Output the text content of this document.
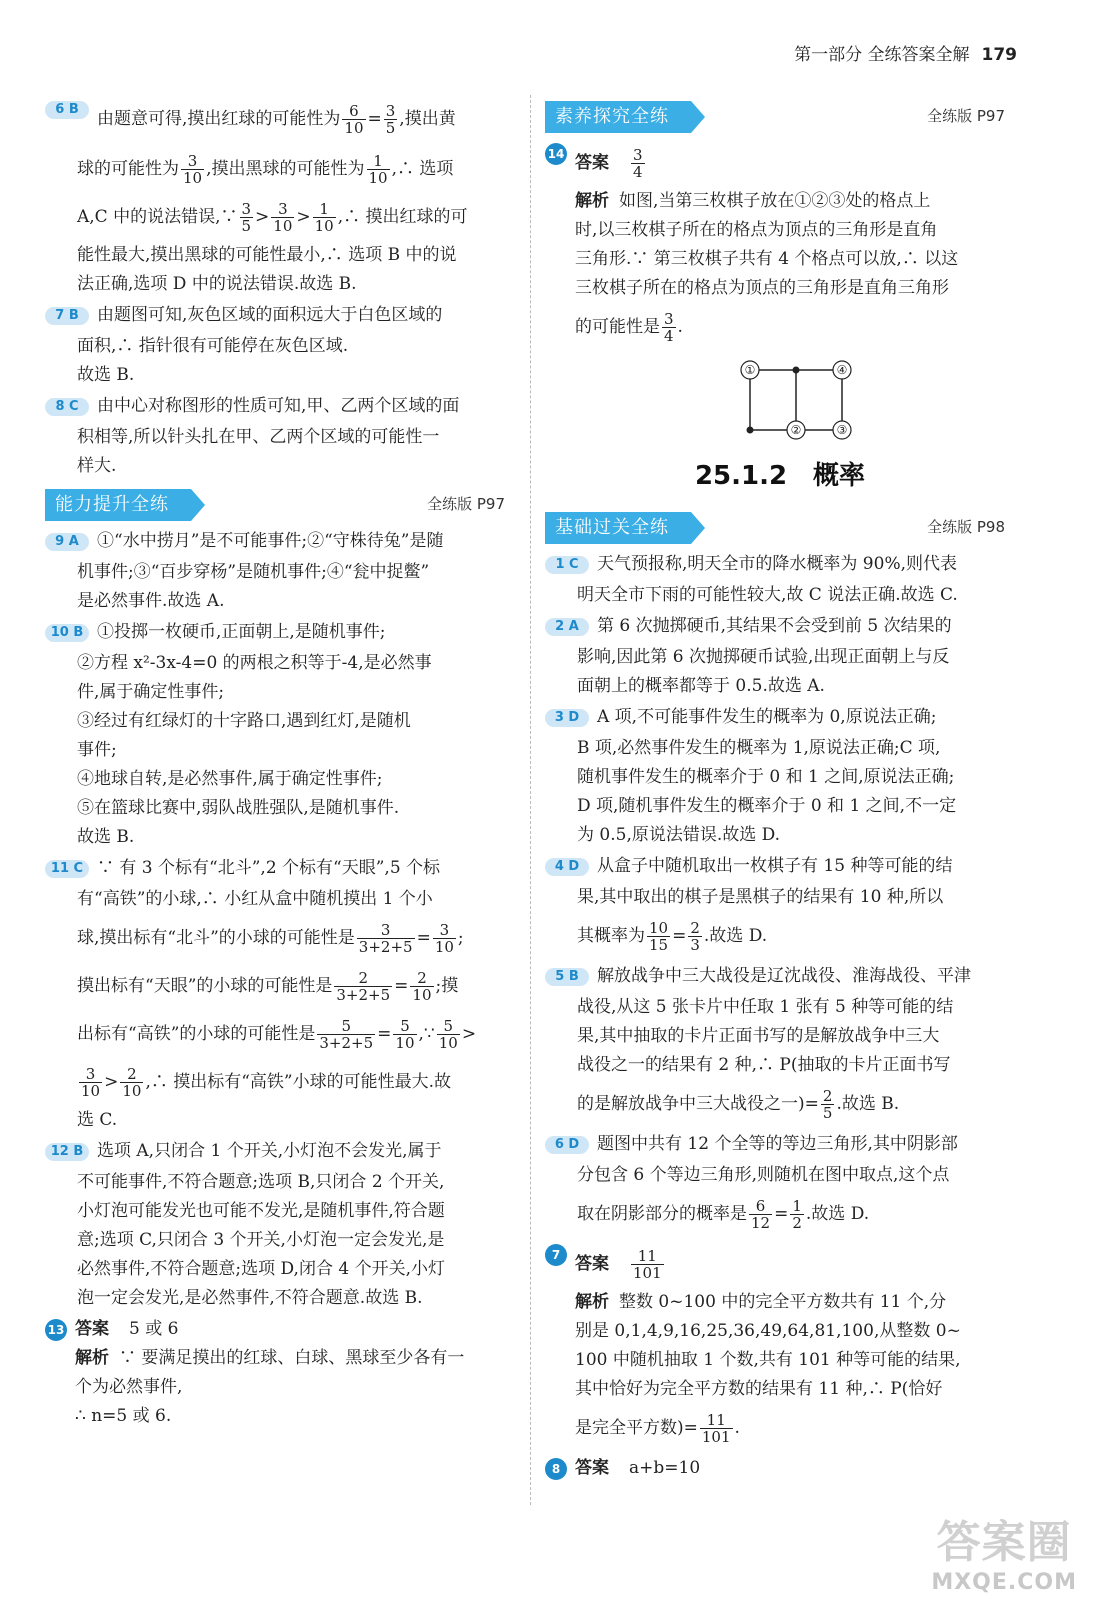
第一部分 全练答案全解 179
6 B	由题意可得,摸出红球的可能性为 $\frac{6}{10} = \frac{3}{5}$ ,摸出黄
球的可能性为 $\frac{3}{10}$ ,摸出黑球的可能性为 $\frac{1}{10}$ ,∴ 选项
A,C 中的说法错误,∵ $\frac{3}{5} > \frac{3}{10} > \frac{1}{10}$ ,∴ 摸出红球的可
能性最大,摸出黑球的可能性最小,∴ 选项 B 中的说
法正确,选项 D 中的说法错误.故选 B.
7 B	由题图可知,灰色区域的面积远大于白色区域的
面积,∴ 指针很有可能停在灰色区域.
故选 B.
8 C	由中心对称图形的性质可知,甲、乙两个区域的面
积相等,所以针头扎在甲、乙两个区域的可能性一
样大.
能力提升全练	全练版 P97
9 A	①“水中捞月”是不可能事件;②“守株待兔”是随
机事件;③“百步穿杨”是随机事件;④“瓮中捉鳖”
是必然事件.故选 A.
10 B ①投掷一枚硬币,正面朝上,是随机事件;
②方程 x²-3x-4=0 的两根之积等于-4,是必然事
件,属于确定性事件;
③经过有红绿灯的十字路口,遇到红灯,是随机
事件;
④地球自转,是必然事件,属于确定性事件;
⑤在篮球比赛中,弱队战胜强队,是随机事件.
故选 B.
11 C ∵ 有 3 个标有“北斗”,2 个标有“天眼”,5 个标
有“高铁”的小球,∴ 小红从盒中随机摸出 1 个小
球,摸出标有“北斗”的小球的可能性是 $\frac{3}{3+2+5} = \frac{3}{10}$ ;
摸出标有“天眼”的小球的可能性是 $\frac{2}{3+2+5} = \frac{2}{10}$ ;摸
出标有“高铁”的小球的可能性是 $\frac{5}{3+2+5} = \frac{5}{10}$ ,∵ $\frac{5}{10}$ >
$\frac{3}{10} > \frac{2}{10}$ ,∴ 摸出标有“高铁”小球的可能性最大.故
选 C.
12 B 选项 A,只闭合 1 个开关,小灯泡不会发光,属于
不可能事件,不符合题意;选项 B,只闭合 2 个开关,
小灯泡可能发光也可能不发光,是随机事件,符合题
意;选项 C,只闭合 3 个开关,小灯泡一定会发光,是
必然事件,不符合题意;选项 D,闭合 4 个开关,小灯
泡一定会发光,是必然事件,不符合题意.故选 B.
13 答案 5 或 6
解析 ∵ 要满足摸出的红球、白球、黑球至少各有一
个为必然事件,
∴ n=5 或 6.
素养探究全练	全练版 P97
14 答案 $\frac{3}{4}$
解析 如图,当第三枚棋子放在①②③处的格点上
时,以三枚棋子所在的格点为顶点的三角形是直角
三角形.∵ 第三枚棋子共有 4 个格点可以放,∴ 以这
三枚棋子所在的格点为顶点的三角形是直角三角形
的可能性是 $\frac{3}{4}$ .
①
②	③
④
25.1.2　概率
基础过关全练	全练版 P98
1 C	天气预报称,明天全市的降水概率为 90%,则代表
明天全市下雨的可能性较大,故 C 说法正确.故选 C.
2 A	第 6 次抛掷硬币,其结果不会受到前 5 次结果的
影响,因此第 6 次抛掷硬币试验,出现正面朝上与反
面朝上的概率都等于 0.5.故选 A.
3 D	A 项,不可能事件发生的概率为 0,原说法正确;
B 项,必然事件发生的概率为 1,原说法正确;C 项,
随机事件发生的概率介于 0 和 1 之间,原说法正确;
D 项,随机事件发生的概率介于 0 和 1 之间,不一定
为 0.5,原说法错误.故选 D.
4 D	从盒子中随机取出一枚棋子有 15 种等可能的结
果,其中取出的棋子是黑棋子的结果有 10 种,所以
其概率为 $\frac{10}{15} = \frac{2}{3}$ .故选 D.
5 B	解放战争中三大战役是辽沈战役、淮海战役、平津
战役,从这 5 张卡片中任取 1 张有 5 种等可能的结
果,其中抽取的卡片正面书写的是解放战争中三大
战役之一的结果有 2 种,∴ P(抽取的卡片正面书写
的是解放战争中三大战役之一)= $\frac{2}{5}$ .故选 B.
6 D	题图中共有 12 个全等的等边三角形,其中阴影部
分包含 6 个等边三角形,则随机在图中取点,这个点
取在阴影部分的概率是 $\frac{6}{12} = \frac{1}{2}$ .故选 D.
7 答案 $\frac{11}{101}$
解析 整数 0~100 中的完全平方数共有 11 个,分
别是 0,1,4,9,16,25,36,49,64,81,100,从整数 0~
100 中随机抽取 1 个数,共有 101 种等可能的结果,
其中恰好为完全平方数的结果有 11 种,∴ P(恰好
是完全平方数)= $\frac{11}{101}$ .
8 答案 a+b=10
答案圈
MXQE.COM
